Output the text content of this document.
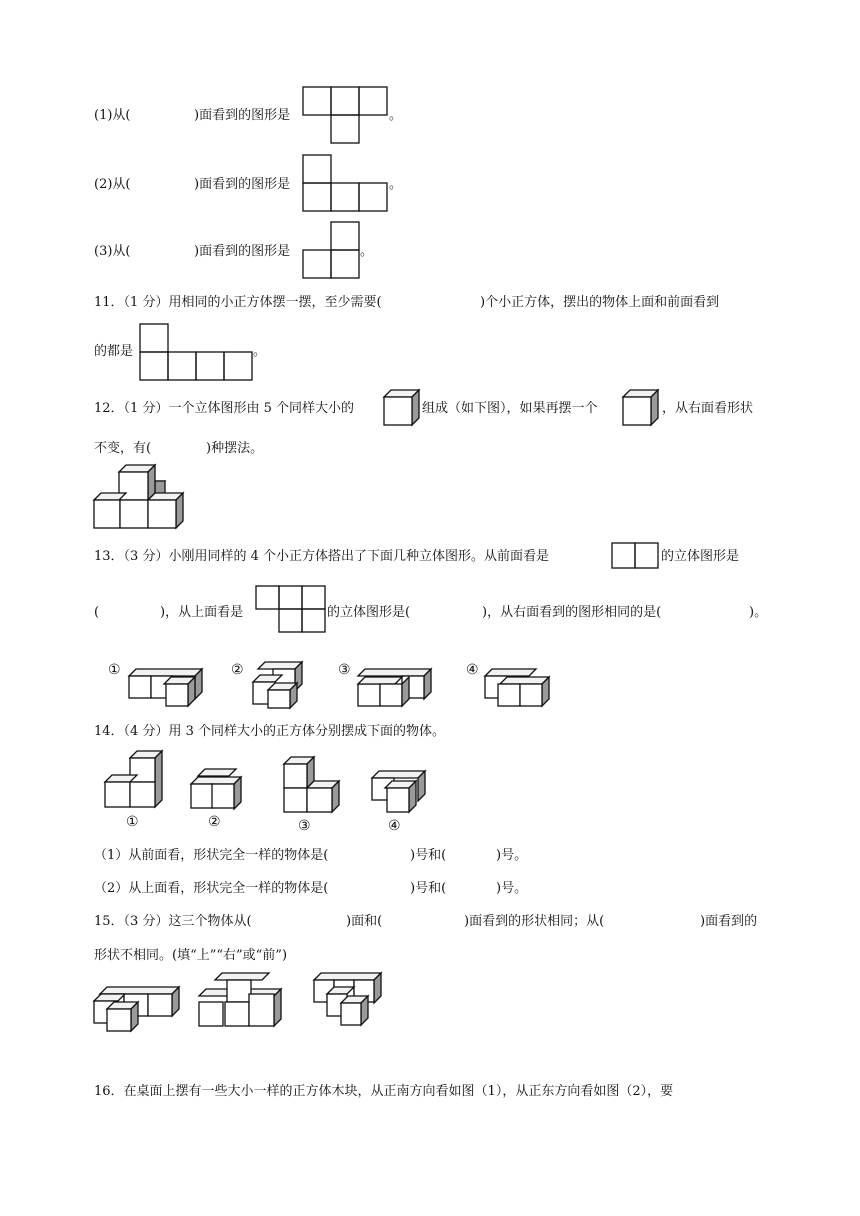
(1)从(	)面看到的图形是	。
(2)从(	)面看到的图形是	。
(3)从(	)面看到的图形是	。
11．（1 分）用相同的小正方体摆一摆，至少需要(	)个小正方体，摆出的物体上面和前面看到
的都是	。
12．（1 分）一个立体图形由 5 个同样大小的	组成（如下图），如果再摆一个	，从右面看形状
不变，有(	)种摆法。
13．（3 分）小刚用同样的 4 个小正方体搭出了下面几种立体图形。从前面看是	的立体图形是
(	)，从上面看是	的立体图形是(	)，从右面看到的图形相同的是(	)。
①	②	③	④
14．（4 分）用 3 个同样大小的正方体分别摆成下面的物体。
①	②	③	④
（1）从前面看，形状完全一样的物体是(	)号和(	)号。
（2）从上面看，形状完全一样的物体是(	)号和(	)号。
15．（3 分）这三个物体从(	)面和(	)面看到的形状相同；从(	)面看到的
形状不相同。(填“上”“右”或“前”)
16．在桌面上摆有一些大小一样的正方体木块，从正南方向看如图（1），从正东方向看如图（2），要
